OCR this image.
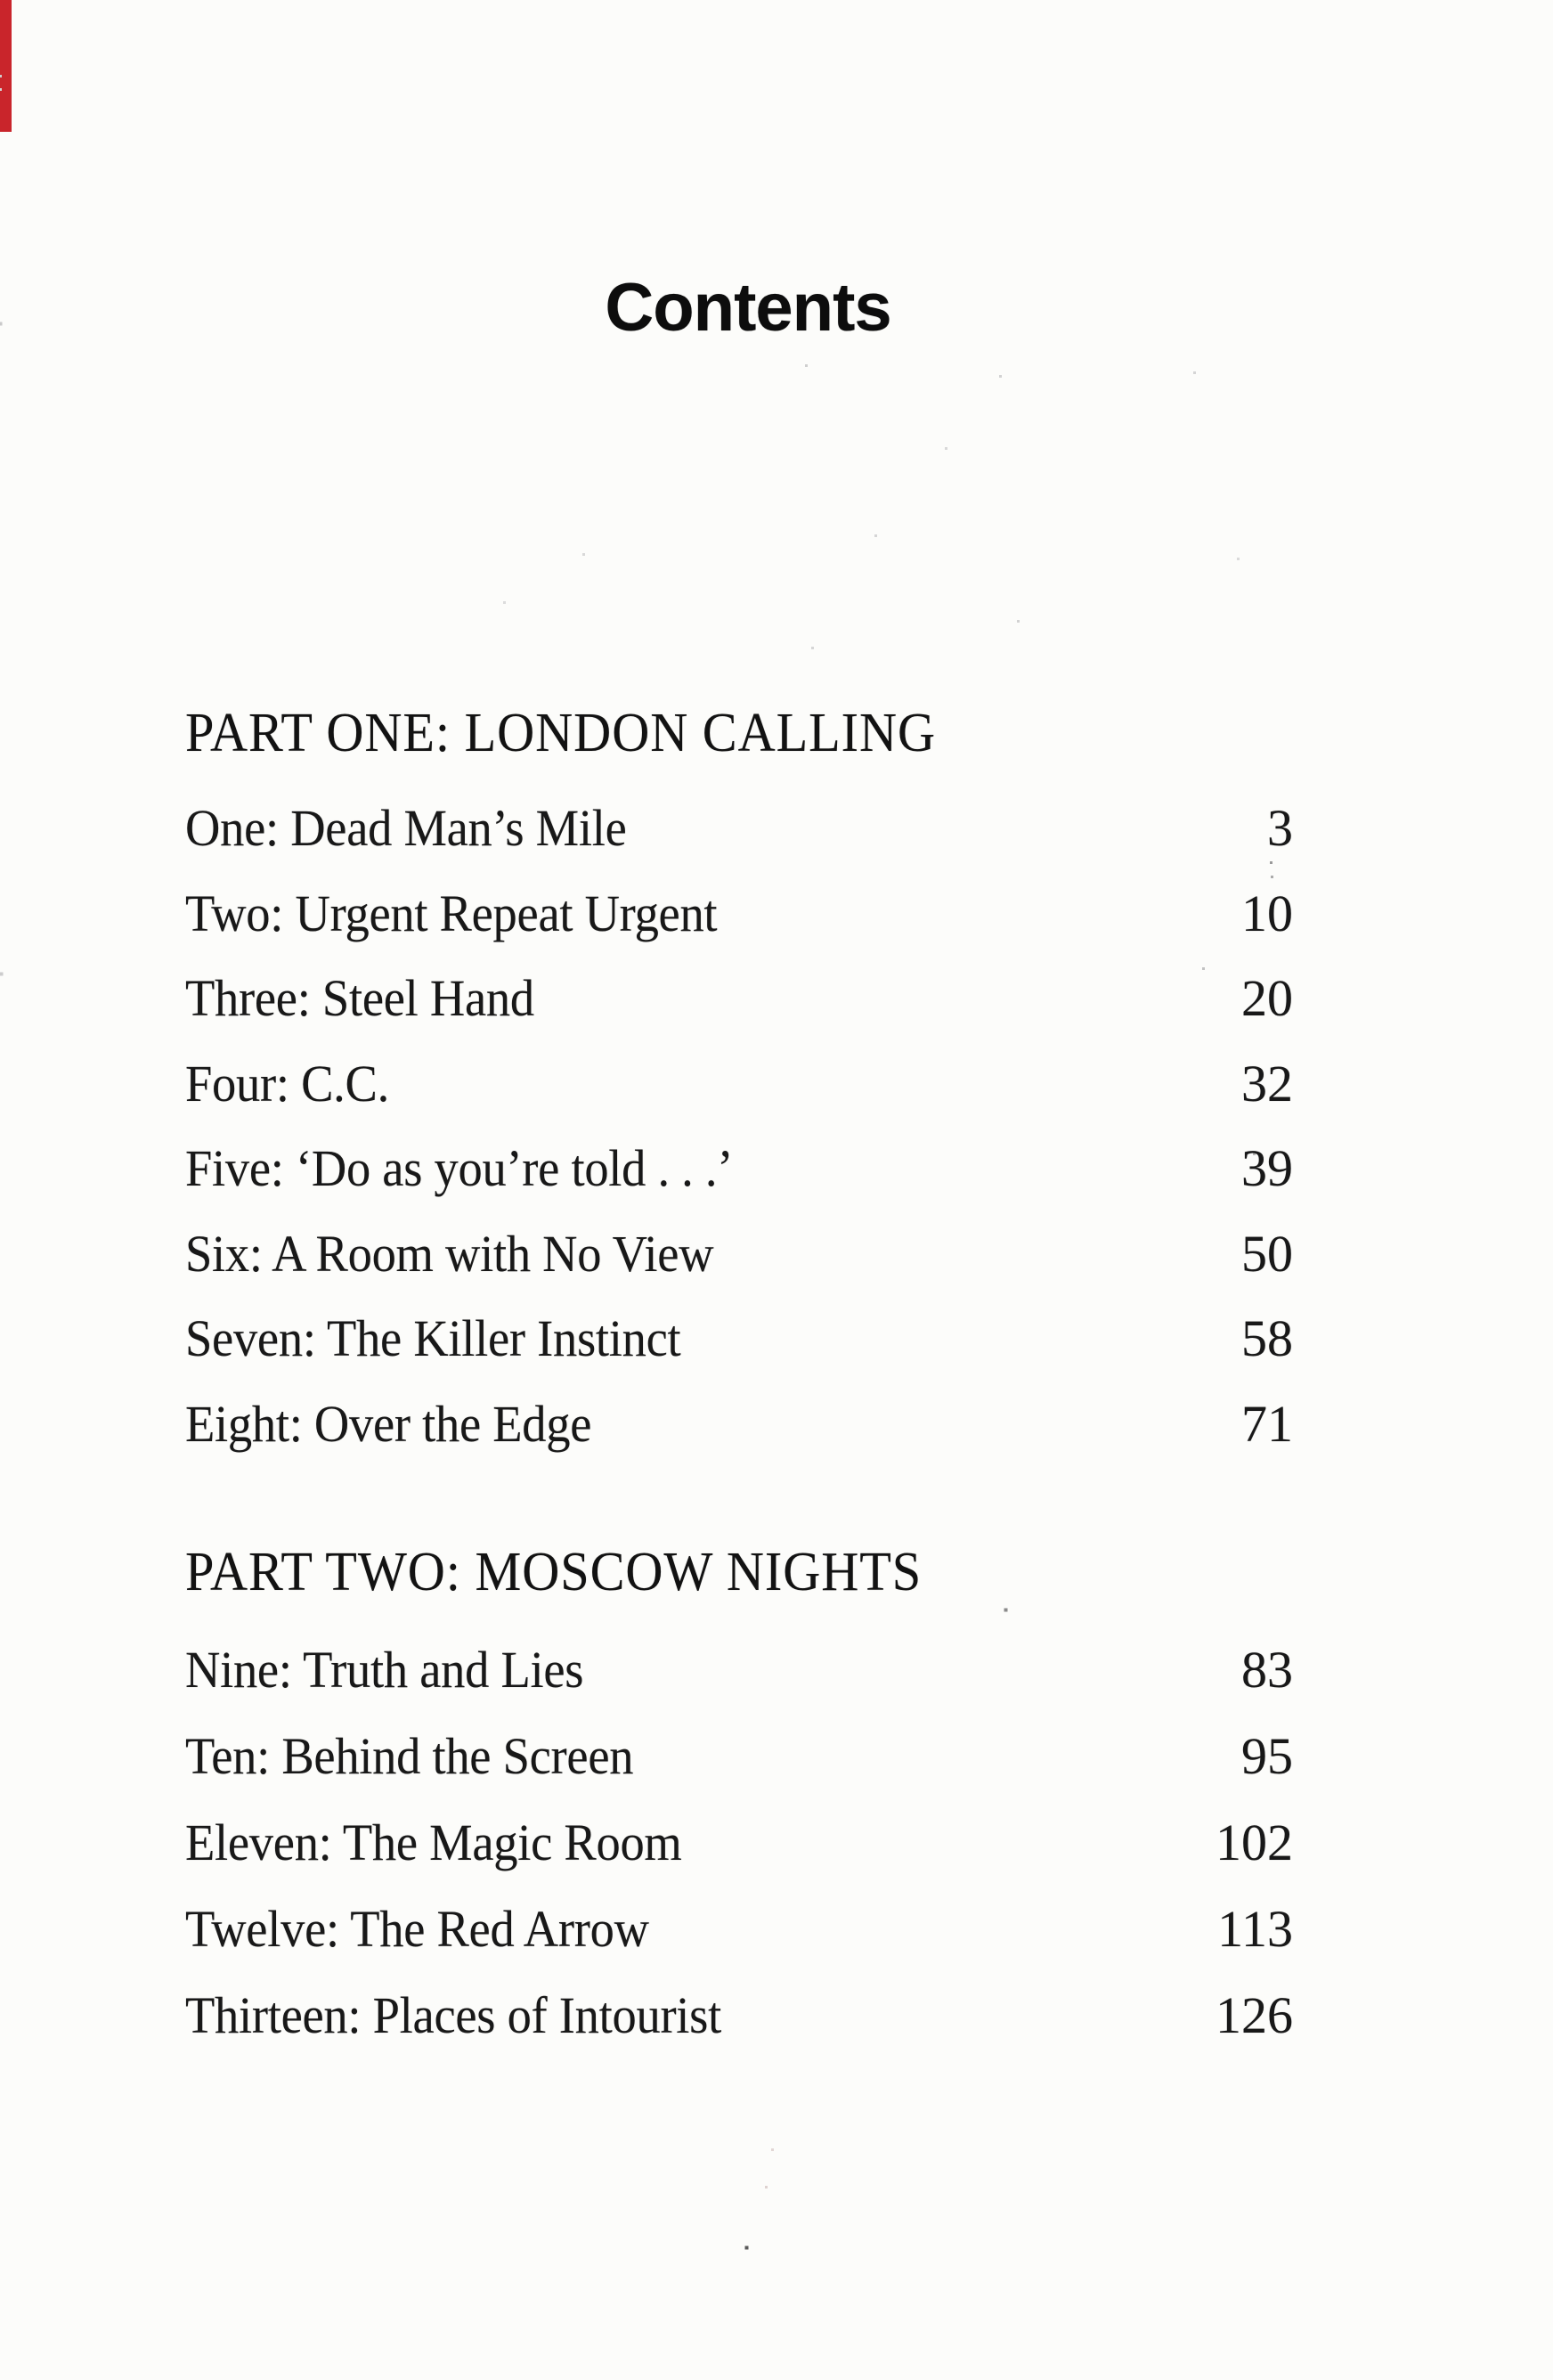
Contents
PART ONE: LONDON CALLING
One: Dead Man’s Mile	3
Two: Urgent Repeat Urgent	10
Three: Steel Hand	20
Four: C.C.	32
Five: ‘Do as you’re told . . .’	39
Six: A Room with No View	50
Seven: The Killer Instinct	58
Eight: Over the Edge	71
PART TWO: MOSCOW NIGHTS
Nine: Truth and Lies	83
Ten: Behind the Screen	95
Eleven: The Magic Room	102
Twelve: The Red Arrow	113
Thirteen: Places of Intourist	126
